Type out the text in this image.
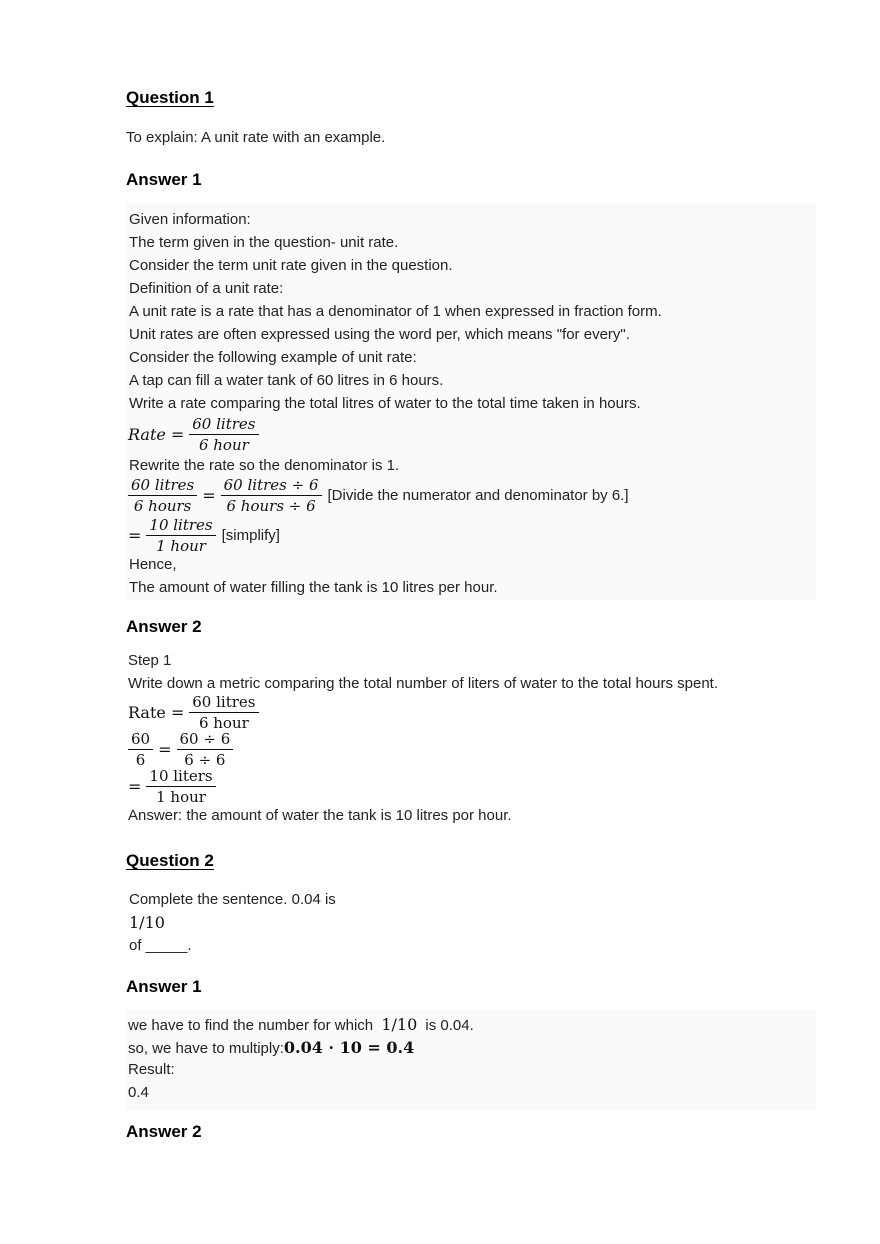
Question 1
To explain: A unit rate with an example.
Answer 1
Given information:
The term given in the question- unit rate.
Consider the term unit rate given in the question.
Definition of a unit rate:
A unit rate is a rate that has a denominator of 1 when expressed in fraction form.
Unit rates are often expressed using the word per, which means "for every".
Consider the following example of unit rate:
A tap can fill a water tank of 60 litres in 6 hours.
Write a rate comparing the total litres of water to the total time taken in hours.
Rate = $\frac{\text{60 litres}}{\text{6 hour}}$
Rewrite the rate so the denominator is 1.
$\frac{\text{60 litres}}{\text{6 hours}} = \frac{\text{60 litres ÷ 6}}{\text{6 hours ÷ 6}}$ [Divide the numerator and denominator by 6.]
= $\frac{\text{10 litres}}{\text{1 hour}}$ [simplify]
Hence,
The amount of water filling the tank is 10 litres per hour.
Answer 2
Step 1
Write down a metric comparing the total number of liters of water to the total hours spent.
Rate = $\frac{\text{60 litres}}{\text{6 hour}}$
$\frac{60}{6} = \frac{60 \div 6}{6 \div 6}$
= $\frac{\text{10 liters}}{\text{1 hour}}$
Answer: the amount of water the tank is 10 litres por hour.
Question 2
Complete the sentence. 0.04 is
1/10
of _____.
Answer 1
we have to find the number for which 1/10 is 0.04.
so, we have to multiply:0.04 · 10 = 0.4
Result:
0.4
Answer 2
